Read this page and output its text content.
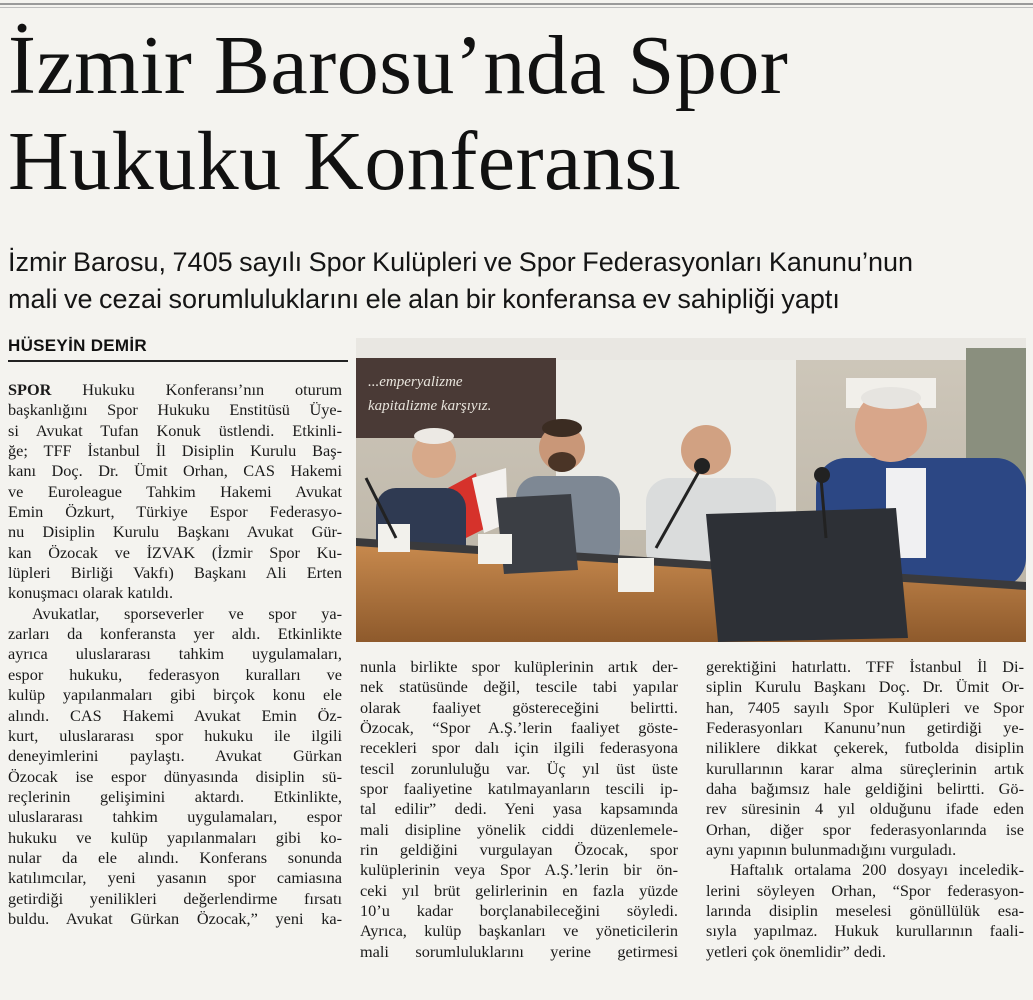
İzmir Barosu’nda Spor
Hukuku Konferansı
İzmir Barosu, 7405 sayılı Spor Kulüpleri ve Spor Federasyonları Kanunu’nun
mali ve cezai sorumluluklarını ele alan bir konferansa ev sahipliği yaptı
HÜSEYİN DEMİR
SPOR Hukuku Konferansı’nın oturum
başkanlığını Spor Hukuku Enstitüsü Üye-
si Avukat Tufan Konuk üstlendi. Etkinli-
ğe; TFF İstanbul İl Disiplin Kurulu Baş-
kanı Doç. Dr. Ümit Orhan, CAS Hakemi
ve Euroleague Tahkim Hakemi Avukat
Emin Özkurt, Türkiye Espor Federasyo-
nu Disiplin Kurulu Başkanı Avukat Gür-
kan Özocak ve İZVAK (İzmir Spor Ku-
lüpleri Birliği Vakfı) Başkanı Ali Erten
konuşmacı olarak katıldı.
Avukatlar, sporseverler ve spor ya-
zarları da konferansta yer aldı. Etkinlikte
ayrıca uluslararası tahkim uygulamaları,
espor hukuku, federasyon kuralları ve
kulüp yapılanmaları gibi birçok konu ele
alındı. CAS Hakemi Avukat Emin Öz-
kurt, uluslararası spor hukuku ile ilgili
deneyimlerini paylaştı. Avukat Gürkan
Özocak ise espor dünyasında disiplin sü-
reçlerinin gelişimini aktardı. Etkinlikte,
uluslararası tahkim uygulamaları, espor
hukuku ve kulüp yapılanmaları gibi ko-
nular da ele alındı. Konferans sonunda
katılımcılar, yeni yasanın spor camiasına
getirdiği yenilikleri değerlendirme fırsatı
buldu. Avukat Gürkan Özocak,” yeni ka-
nunla birlikte spor kulüplerinin artık der-
nek statüsünde değil, tescile tabi yapılar
olarak faaliyet göstereceğini belirtti.
Özocak, “Spor A.Ş.’lerin faaliyet göste-
recekleri spor dalı için ilgili federasyona
tescil zorunluluğu var. Üç yıl üst üste
spor faaliyetine katılmayanların tescili ip-
tal edilir” dedi. Yeni yasa kapsamında
mali disipline yönelik ciddi düzenlemele-
rin geldiğini vurgulayan Özocak, spor
kulüplerinin veya Spor A.Ş.’lerin bir ön-
ceki yıl brüt gelirlerinin en fazla yüzde
10’u kadar borçlanabileceğini söyledi.
Ayrıca, kulüp başkanları ve yöneticilerin
mali sorumluluklarını yerine getirmesi
gerektiğini hatırlattı. TFF İstanbul İl Di-
siplin Kurulu Başkanı Doç. Dr. Ümit Or-
han, 7405 sayılı Spor Kulüpleri ve Spor
Federasyonları Kanunu’nun getirdiği ye-
niliklere dikkat çekerek, futbolda disiplin
kurullarının karar alma süreçlerinin artık
daha bağımsız hale geldiğini belirtti. Gö-
rev süresinin 4 yıl olduğunu ifade eden
Orhan, diğer spor federasyonlarında ise
aynı yapının bulunmadığını vurguladı.
Haftalık ortalama 200 dosyayı inceledik-
lerini söyleyen Orhan, “Spor federasyon-
larında disiplin meselesi gönüllülük esa-
sıyla yapılmaz. Hukuk kurullarının faali-
yetleri çok önemlidir” dedi.
...emperyalizme
kapitalizme karşıyız.
